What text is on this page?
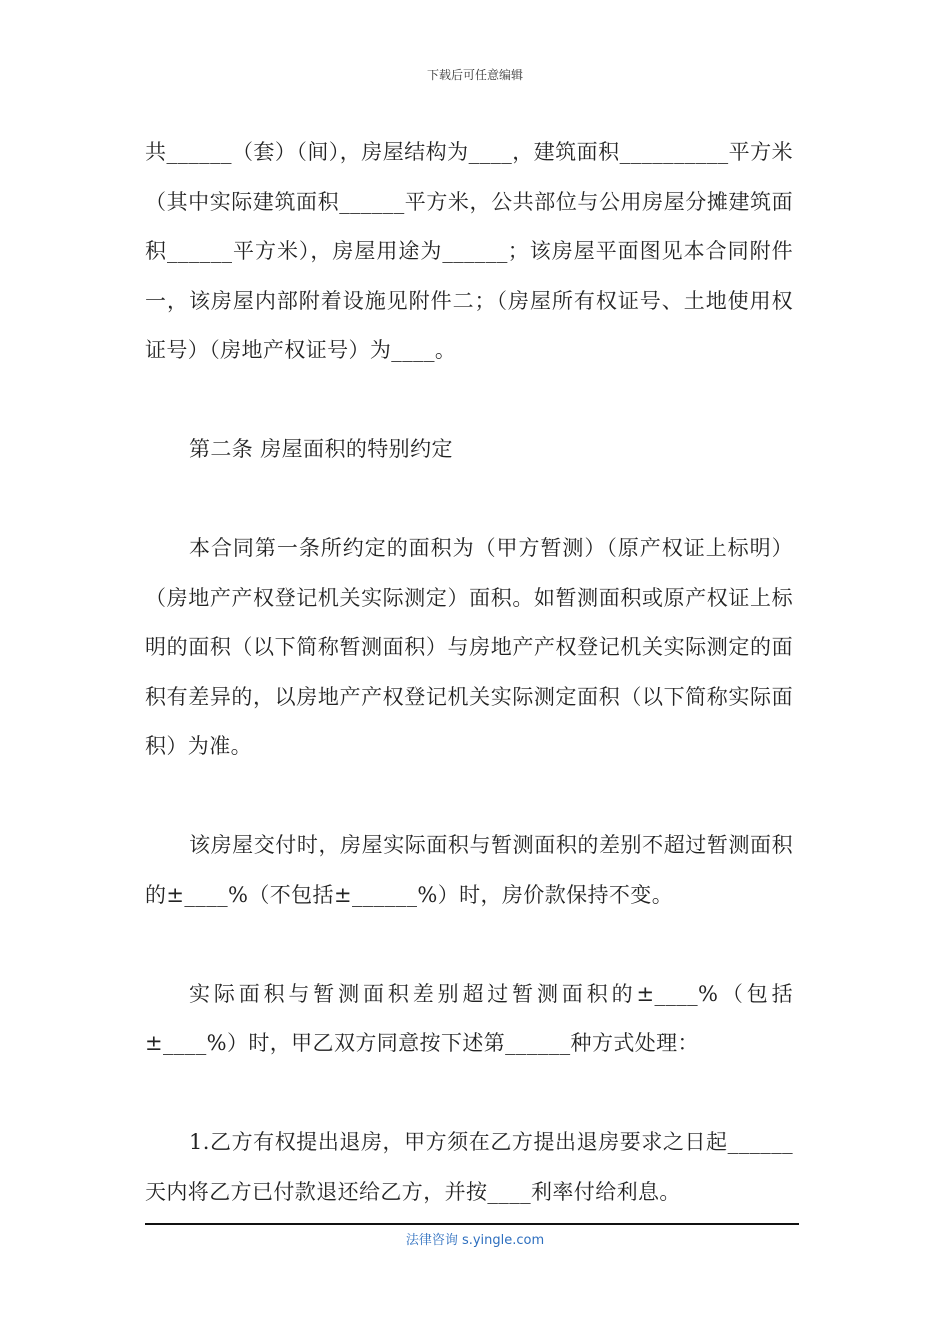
下载后可任意编辑

共______（套）（间），房屋结构为____，建筑面积__________平方米（其中实际建筑面积______平方米，公共部位与公用房屋分摊建筑面积______平方米），房屋用途为______；该房屋平面图见本合同附件一，该房屋内部附着设施见附件二；（房屋所有权证号、土地使用权证号）（房地产权证号）为____。

第二条 房屋面积的特别约定

本合同第一条所约定的面积为（甲方暂测）（原产权证上标明）（房地产产权登记机关实际测定）面积。如暂测面积或原产权证上标明的面积（以下简称暂测面积）与房地产产权登记机关实际测定的面积有差异的，以房地产产权登记机关实际测定面积（以下简称实际面积）为准。

该房屋交付时，房屋实际面积与暂测面积的差别不超过暂测面积的±____%（不包括±______%）时，房价款保持不变。

实际面积与暂测面积差别超过暂测面积的±____%（包括±____%）时，甲乙双方同意按下述第______种方式处理：

1.乙方有权提出退房，甲方须在乙方提出退房要求之日起______天内将乙方已付款退还给乙方，并按____利率付给利息。

法律咨询 s.yingle.com
